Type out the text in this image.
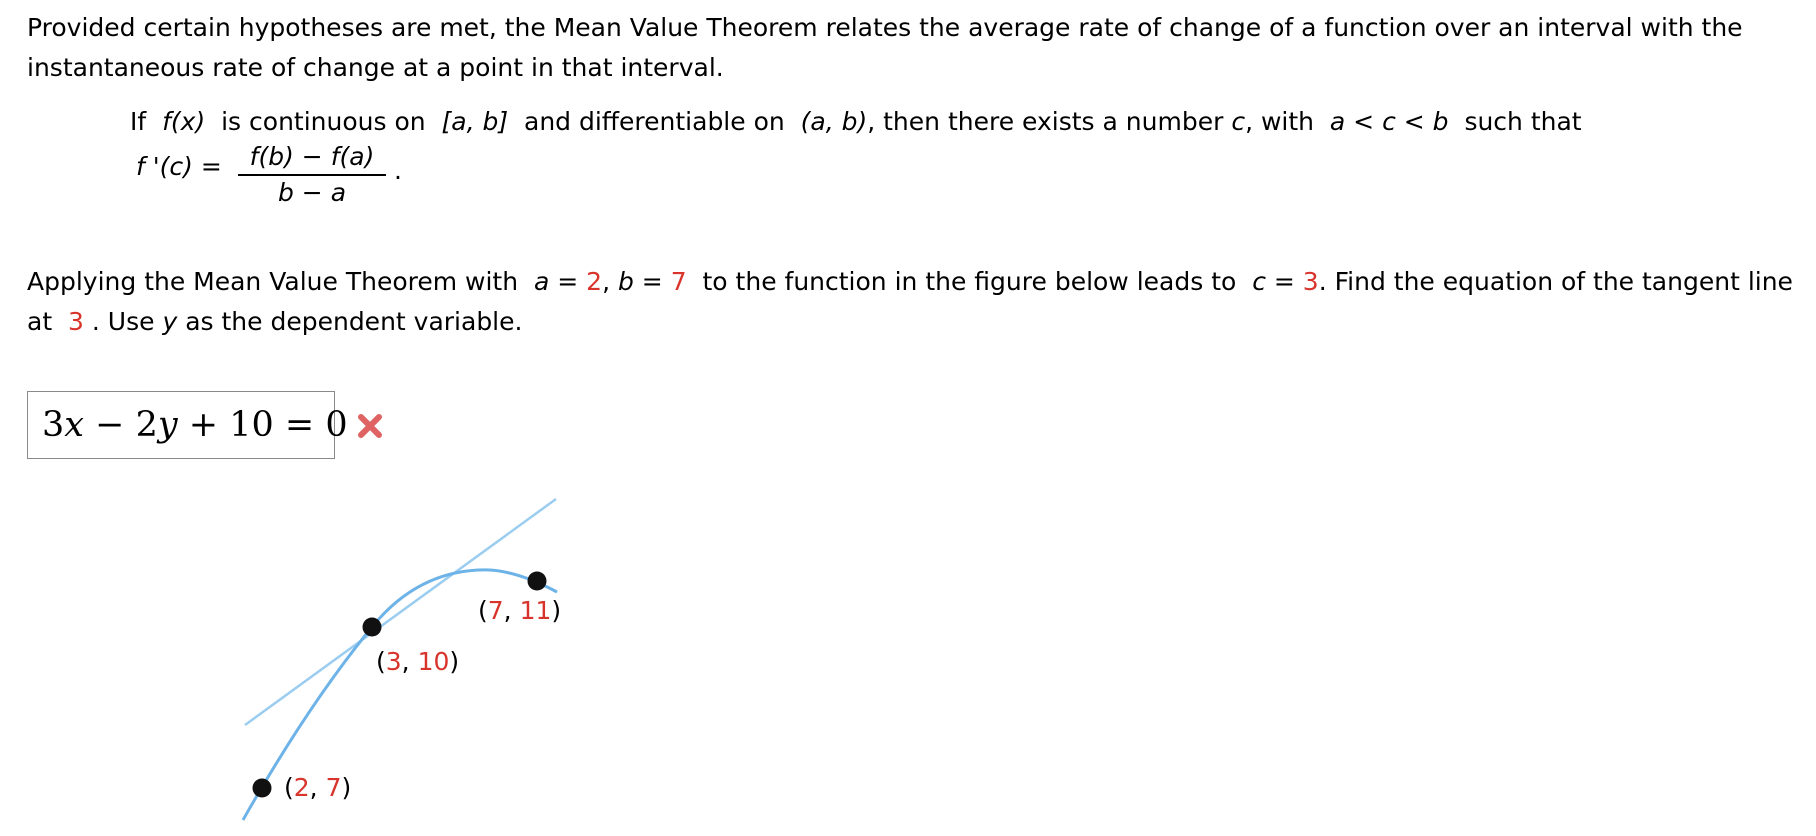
Provided certain hypotheses are met, the Mean Value Theorem relates the average rate of change of a function over an interval with the instantaneous rate of change at a point in that interval.

If f(x) is continuous on [a, b] and differentiable on (a, b), then there exists a number c, with a < c < b such that

f '$(c) = \frac{f(b) - f(a)}{b - a}$ .

Applying the Mean Value Theorem with a = 2, b = 7 to the function in the figure below leads to c = 3. Find the equation of the tangent line at 3 . Use y as the dependent variable.

3x − 2y + 10 = 0
(7, 11)
(3, 10)
(2, 7)
